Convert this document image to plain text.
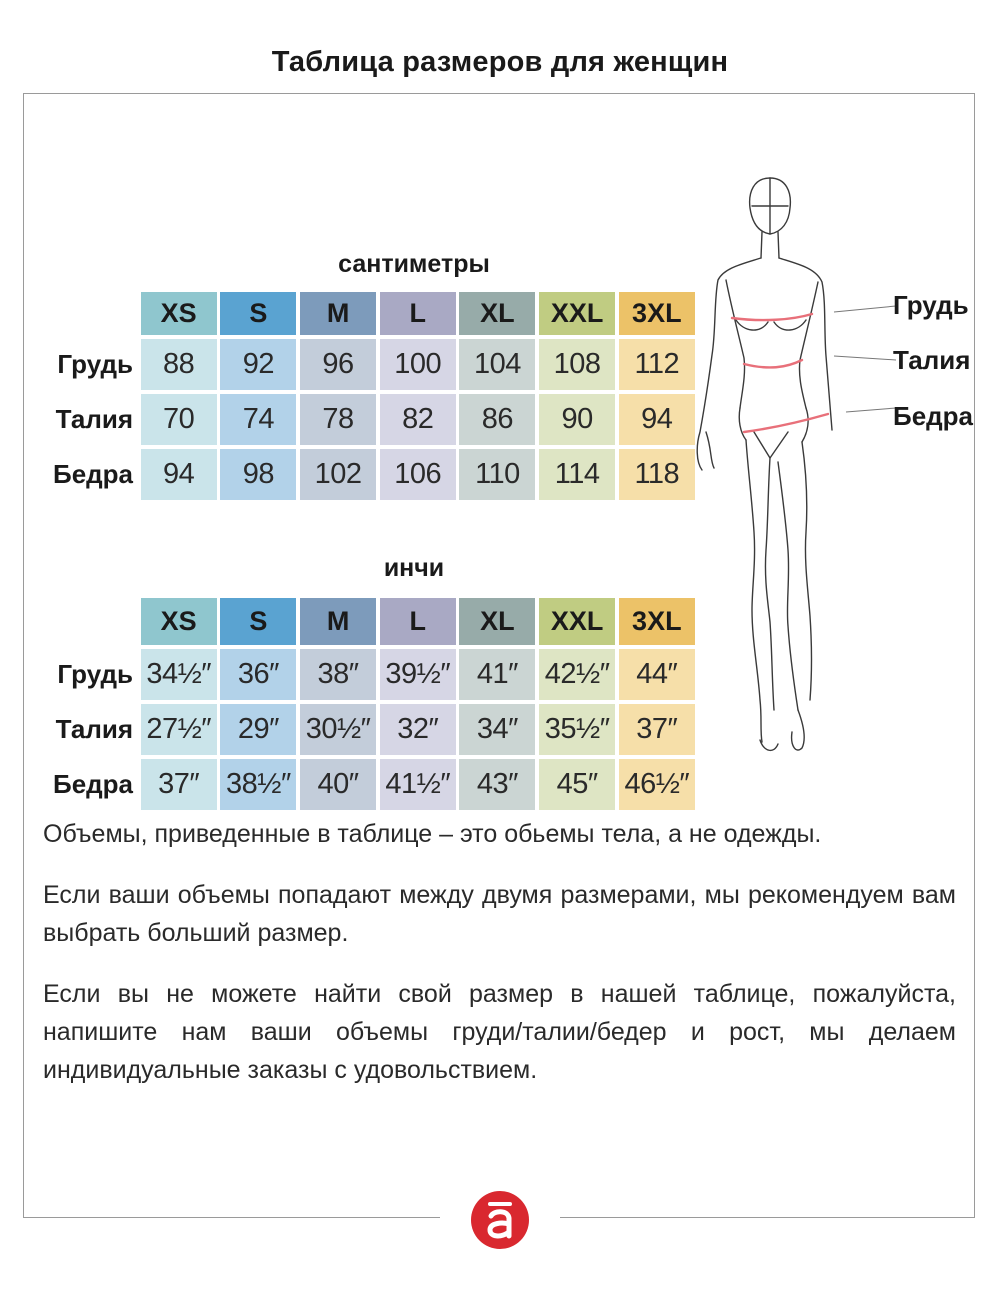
Таблица размеров для женщин
сантиметры
XS	S	M	L	XL	XXL	3XL
Грудь	88	92	96	100	104	108	112
Талия	70	74	78	82	86	90	94
Бедра	94	98	102	106	110	114	118
инчи
XS	S	M	L	XL	XXL	3XL
Грудь 34½″ 36″	38″ 39½″ 41″ 42½″ 44″
Талия 27½″ 29″ 30½″ 32″	34″ 35½″ 37″
Бедра 37″ 38½″ 40″ 41½″ 43″	45″ 46½″
Грудь
Талия
Бедра

Объемы, приведенные в таблице – это обьемы тела, а не одежды.

Если ваши объемы попадают между двумя размерами, мы рекомендуем вам выбрать больший размер.

Если вы не можете найти свой размер в нашей таблице, пожалуйста, напишите нам ваши объемы груди/талии/бедер и рост, мы делаем индивидуальные заказы с удовольствием.
